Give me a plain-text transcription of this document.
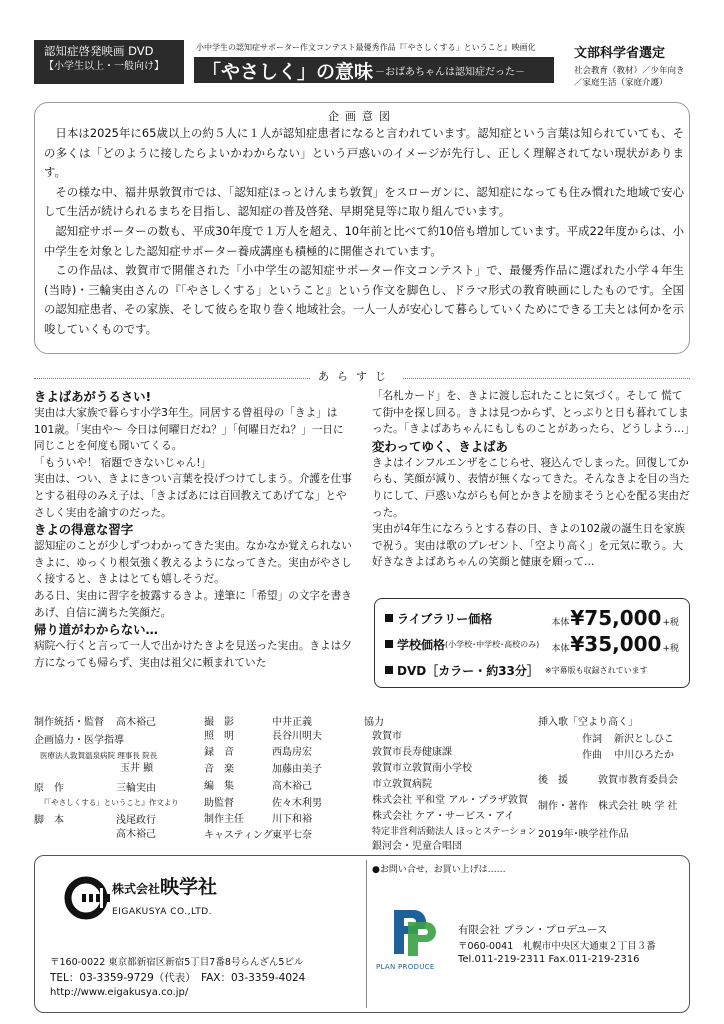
認知症啓発映画 DVD
【小学生以上・一般向け】
小中学生の認知症サポーター作文コンテスト最優秀作品『「やさしくする」ということ』映画化
「やさしく」の意味 －おばあちゃんは認知症だった－
文部科学省選定
社会教育（教材）／少年向き
／家庭生活（家庭介護）
企画意図

日本は2025年に65歳以上の約５人に１人が認知症患者になると言われています。認知症という言葉は知られていても、その多くは「どのように接したらよいかわからない」という戸惑いのイメージが先行し、正しく理解されてない現状があります。

その様な中、福井県敦賀市では、「認知症ほっとけんまち敦賀」をスローガンに、認知症になっても住み慣れた地域で安心して生活が続けられるまちを目指し、認知症の普及啓発、早期発見等に取り組んでいます。

認知症サポーターの数も、平成30年度で１万人を超え、10年前と比べて約10倍も増加しています。平成22年度からは、小中学生を対象とした認知症サポーター養成講座も積極的に開催されています。

この作品は、敦賀市で開催された「小中学生の認知症サポーター作文コンテスト」で、最優秀作品に選ばれた小学４年生(当時)・三輪実由さんの『「やさしくする」ということ』という作文を脚色し、ドラマ形式の教育映画にしたものです。全国の認知症患者、その家族、そして彼らを取り巻く地域社会。一人一人が安心して暮らしていくためにできる工夫とは何かを示唆していくものです。

あらすじ
きよばあがうるさい!

実由は大家族で暮らす小学3年生。同居する曾祖母の「きよ」は101歳。「実由や〜 今日は何曜日だね？」「何曜日だね？」一日に同じことを何度も聞いてくる。

「もういや！ 宿題できないじゃん!」

実由は、つい、きよにきつい言葉を投げつけてしまう。介護を仕事とする祖母のみえ子は、「きよばあには百回教えてあげてな」とやさしく実由を諭すのだった。

きよの得意な習字

認知症のことが少しずつわかってきた実由。なかなか覚えられないきよに、ゆっくり根気強く教えるようになってきた。実由がやさしく接すると、きよはとても嬉しそうだ。

ある日、実由に習字を披露するきよ。達筆に「希望」の文字を書きあげ、自信に満ちた笑顔だ。

帰り道がわからない…

病院へ行くと言って一人で出かけたきよを見送った実由。きよは夕方になっても帰らず、実由は祖父に頼まれていた

「名札カード」を、きよに渡し忘れたことに気づく。そして 慌てて街中を探し回る。きよは見つからず、とっぷりと日も暮れてしまった。「きよばあちゃんにもしものことがあったら、どうしよう…」

変わってゆく、きよばあ

きよはインフルエンザをこじらせ、寝込んでしまった。回復してからも、笑顔が減り、表情が無くなってきた。そんなきよを目の当たりにして、戸惑いながらも何とかきよを励まそうと心を配る実由だった。

実由が4年生になろうとする春の日、きよの102歳の誕生日を家族で祝う。実由は歌のプレゼント、「空より高く」を元気に歌う。大好きなきよばあちゃんの笑顔と健康を願って…

ライブラリー価格	本体 ¥75,000 +税
学校価格 (小学校･中学校･高校のみ) 本体 ¥35,000 +税
DVD［カラー・約33分］ ※字幕版も収録されています
制作統括・監督 高木裕己
企画協力・医学指導
医療法人敦賀温泉病院 理事長 院長
玉井 顯
原　作	三輪実由
『「やさしくする」ということ』作文より
脚　本	浅尾政行
高木裕己
撮　影	中井正義
照　明	長谷川明夫
録　音	西島房宏
音　楽	加藤由美子
編　集	高木裕己
助監督	佐々木利男
制作主任	川下和裕
キャスティング 東平七奈
協力
敦賀市
敦賀市長寿健康課
敦賀市立敦賀南小学校
市立敦賀病院
株式会社 平和堂 アル・プラザ敦賀
株式会社 ケア・サービス・アイ
特定非営利活動法人 ほっとステーション
銀河会・児童合唱団
挿入歌「空より高く」
作詞 新沢としひこ
作曲 中川ひろたか
後　援	敦賀市教育委員会
制作・著作 株式会社 映 学 社
2019年･映学社作品
株式会社映学社
EIGAKUSYA CO.,LTD.
〒160-0022 東京都新宿区新宿5丁目7番8号らんざん5ビル
TEL：03-3359-9729（代表）　FAX：03-3359-4024
http://www.eigakusya.co.jp/
●お問い合せ、お買い上げは……
PLAN PRODUCE
有限会社 プラン・プロデユース
〒060-0041　札幌市中央区大通東２丁目３番
Tel.011-219-2311 Fax.011-219-2316
